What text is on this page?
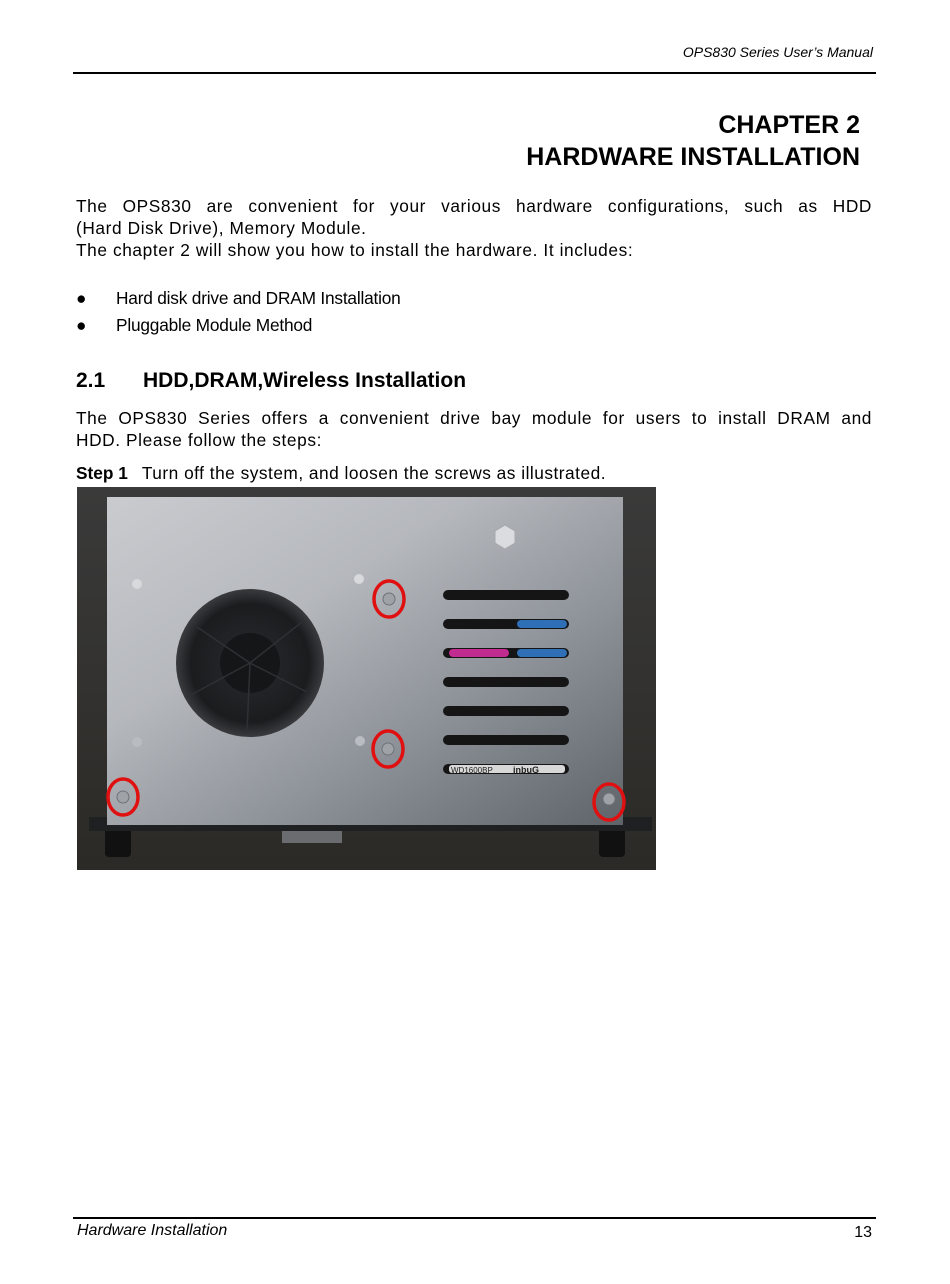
OPS830 Series User’s Manual
CHAPTER 2
HARDWARE INSTALLATION
The OPS830 are convenient for your various hardware configurations, such as HDD
(Hard Disk Drive), Memory Module.
The chapter 2 will show you how to install the hardware. It includes:
● Hard disk drive and DRAM Installation
● Pluggable Module Method
2.1 HDD,DRAM,Wireless Installation
The OPS830 Series offers a convenient drive bay module for users to install DRAM and
HDD. Please follow the steps:
Step 1 Turn off the system, and loosen the screws as illustrated.
WD1600BP inbuG
Hardware Installation	13
